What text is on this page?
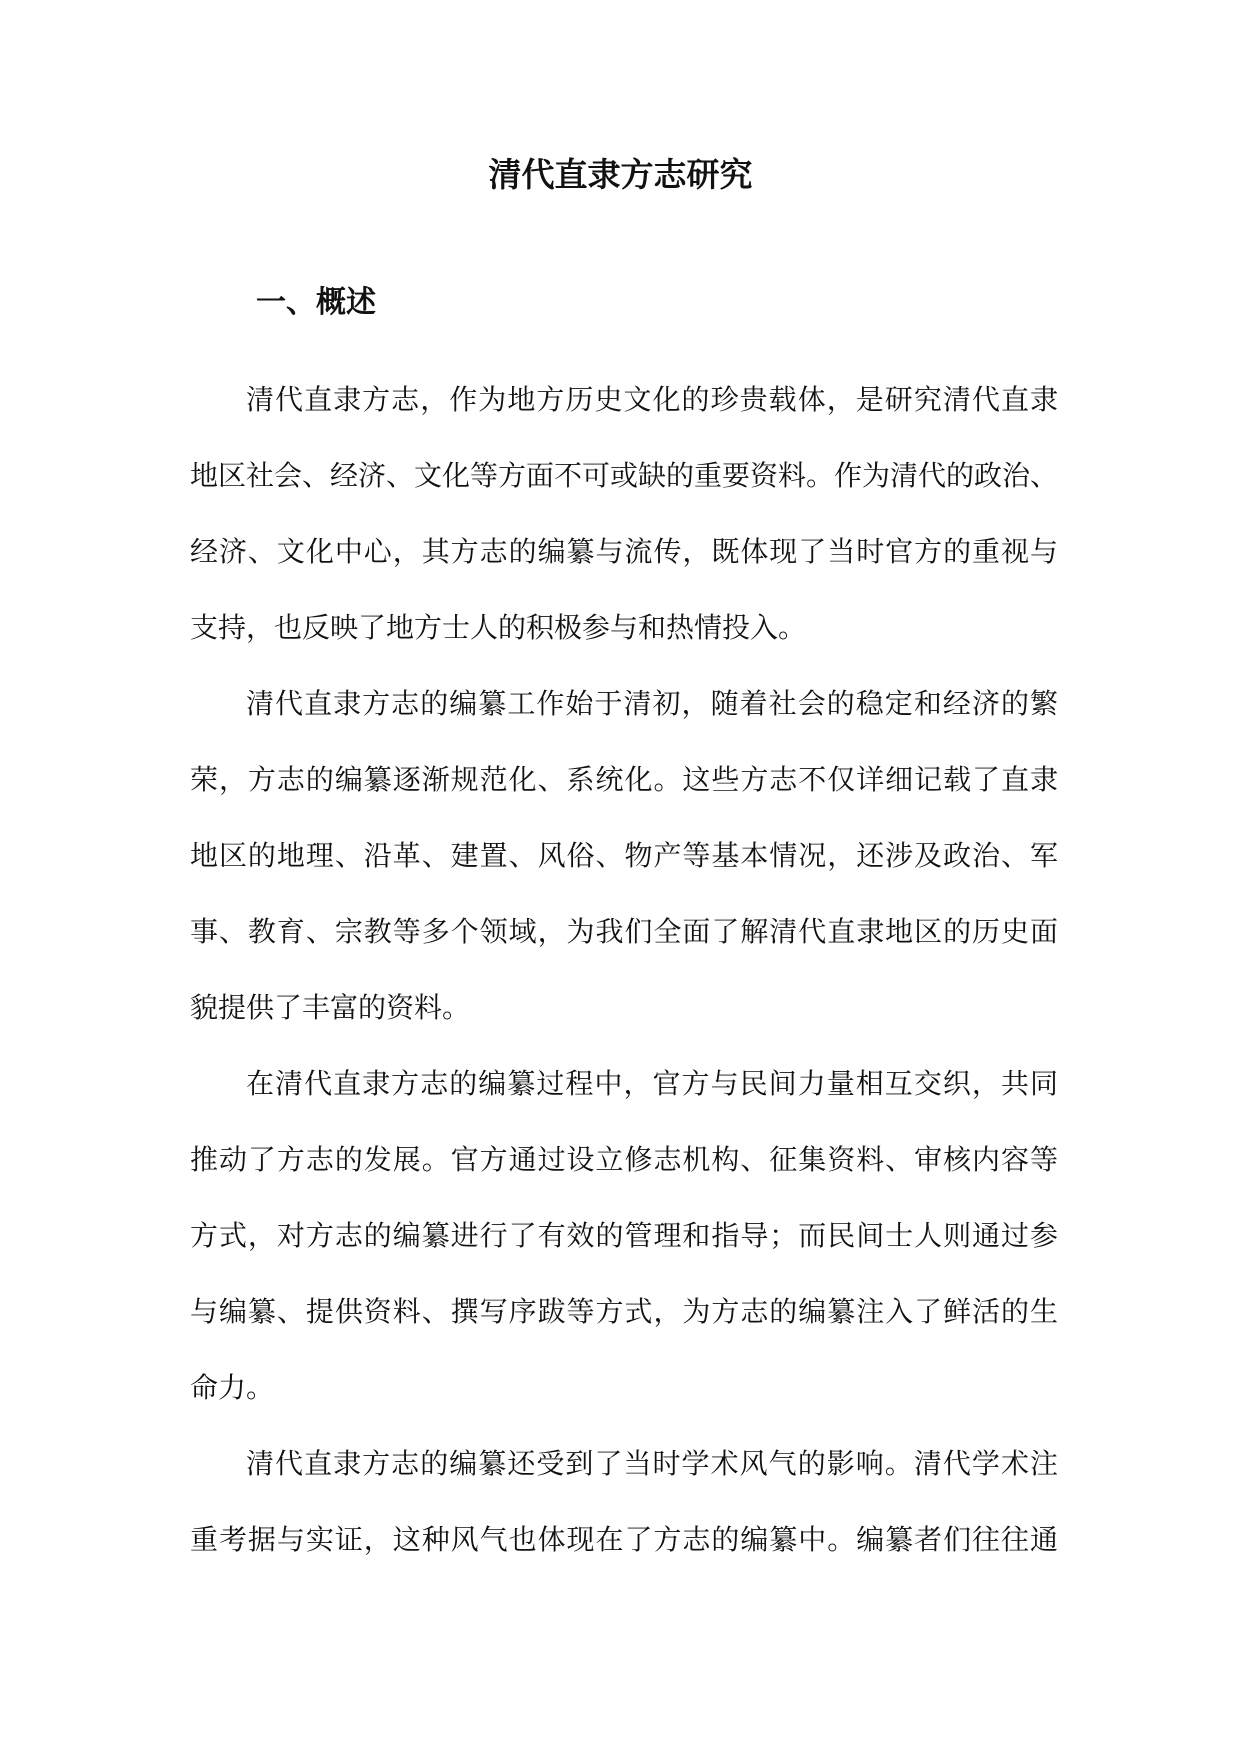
清代直隶方志研究
一、概述

清代直隶方志，作为地方历史文化的珍贵载体，是研究清代直隶
地区社会、经济、文化等方面不可或缺的重要资料。作为清代的政治、
经济、文化中心，其方志的编纂与流传，既体现了当时官方的重视与
支持，也反映了地方士人的积极参与和热情投入。

清代直隶方志的编纂工作始于清初，随着社会的稳定和经济的繁
荣，方志的编纂逐渐规范化、系统化。这些方志不仅详细记载了直隶
地区的地理、沿革、建置、风俗、物产等基本情况，还涉及政治、军
事、教育、宗教等多个领域，为我们全面了解清代直隶地区的历史面
貌提供了丰富的资料。

在清代直隶方志的编纂过程中，官方与民间力量相互交织，共同
推动了方志的发展。官方通过设立修志机构、征集资料、审核内容等
方式，对方志的编纂进行了有效的管理和指导；而民间士人则通过参
与编纂、提供资料、撰写序跋等方式，为方志的编纂注入了鲜活的生
命力。

清代直隶方志的编纂还受到了当时学术风气的影响。清代学术注
重考据与实证，这种风气也体现在了方志的编纂中。编纂者们往往通
